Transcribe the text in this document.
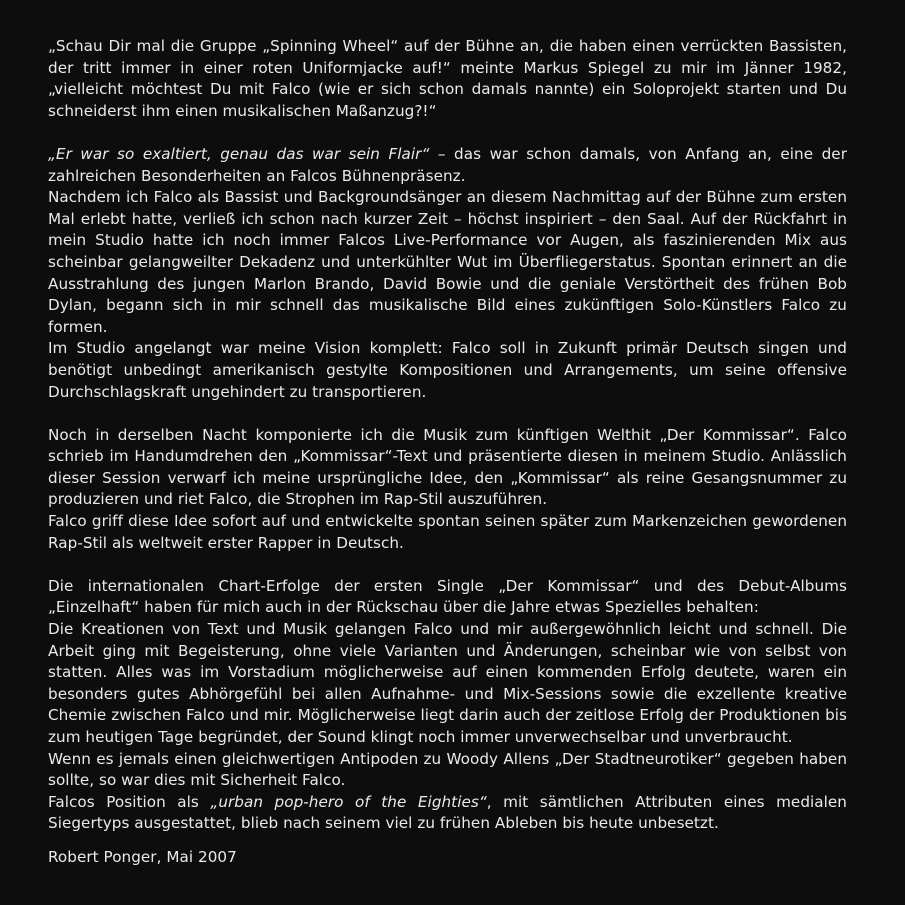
„Schau Dir mal die Gruppe „Spinning Wheel“ auf der Bühne an, die haben einen verrückten Bassisten, der tritt immer in einer roten Uniformjacke auf!“ meinte Markus Spiegel zu mir im Jänner 1982, „vielleicht möchtest Du mit Falco (wie er sich schon damals nannte) ein Soloprojekt starten und Du schneiderst ihm einen musikalischen Maßanzug?!“

„Er war so exaltiert, genau das war sein Flair“ – das war schon damals, von Anfang an, eine der zahlreichen Besonderheiten an Falcos Bühnenpräsenz.

Nachdem ich Falco als Bassist und Backgroundsänger an diesem Nachmittag auf der Bühne zum ersten Mal erlebt hatte, verließ ich schon nach kurzer Zeit – höchst inspiriert – den Saal. Auf der Rückfahrt in mein Studio hatte ich noch immer Falcos Live-Performance vor Augen, als faszinierenden Mix aus scheinbar gelangweilter Dekadenz und unterkühlter Wut im Überfliegerstatus. Spontan erinnert an die Ausstrahlung des jungen Marlon Brando, David Bowie und die geniale Verstörtheit des frühen Bob Dylan, begann sich in mir schnell das musikalische Bild eines zukünftigen Solo-Künstlers Falco zu formen.

Im Studio angelangt war meine Vision komplett: Falco soll in Zukunft primär Deutsch singen und benötigt unbedingt amerikanisch gestylte Kompositionen und Arrangements, um seine offensive Durchschlagskraft ungehindert zu transportieren.

Noch in derselben Nacht komponierte ich die Musik zum künftigen Welthit „Der Kommissar“. Falco schrieb im Handumdrehen den „Kommissar“-Text und präsentierte diesen in meinem Studio. Anlässlich dieser Session verwarf ich meine ursprüngliche Idee, den „Kommissar“ als reine Gesangsnummer zu produzieren und riet Falco, die Strophen im Rap-Stil auszuführen.

Falco griff diese Idee sofort auf und entwickelte spontan seinen später zum Markenzeichen gewordenen Rap-Stil als weltweit erster Rapper in Deutsch.

Die internationalen Chart-Erfolge der ersten Single „Der Kommissar“ und des Debut-Albums „Einzelhaft“ haben für mich auch in der Rückschau über die Jahre etwas Spezielles behalten:

Die Kreationen von Text und Musik gelangen Falco und mir außergewöhnlich leicht und schnell. Die Arbeit ging mit Begeisterung, ohne viele Varianten und Änderungen, scheinbar wie von selbst von statten. Alles was im Vorstadium möglicherweise auf einen kommenden Erfolg deutete, waren ein besonders gutes Abhörgefühl bei allen Aufnahme- und Mix-Sessions sowie die exzellente kreative Chemie zwischen Falco und mir. Möglicherweise liegt darin auch der zeitlose Erfolg der Produktionen bis zum heutigen Tage begründet, der Sound klingt noch immer unverwechselbar und unverbraucht.

Wenn es jemals einen gleichwertigen Antipoden zu Woody Allens „Der Stadtneurotiker“ gegeben haben sollte, so war dies mit Sicherheit Falco.

Falcos Position als „urban pop-hero of the Eighties“, mit sämtlichen Attributen eines medialen Siegertyps ausgestattet, blieb nach seinem viel zu frühen Ableben bis heute unbesetzt.

Robert Ponger, Mai 2007
